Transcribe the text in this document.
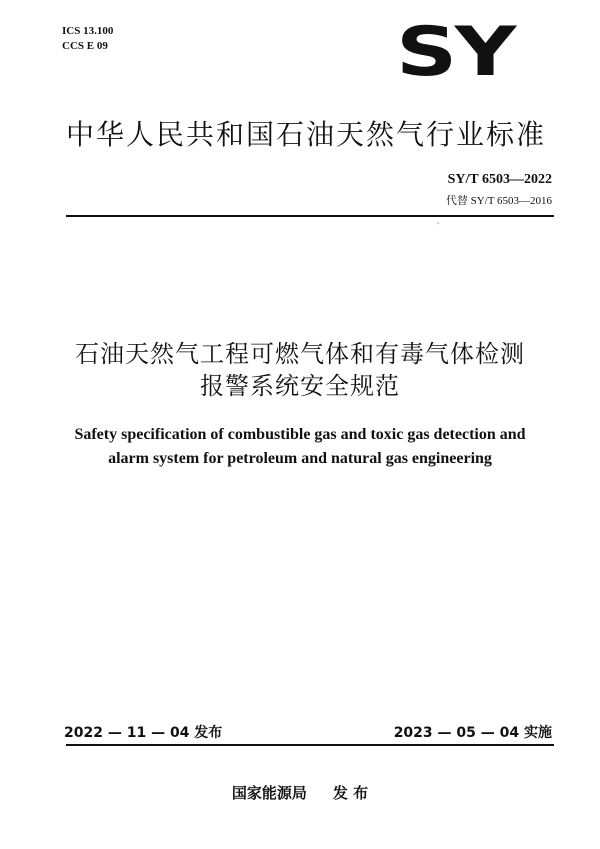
ICS 13.100
CCS E 09	SY
中华人民共和国石油天然气行业标准
SY/T 6503—2022
代替 SY/T 6503—2016
'
石油天然气工程可燃气体和有毒气体检测
报警系统安全规范
Safety specification of combustible gas and toxic gas detection and
alarm system for petroleum and natural gas engineering
2022 — 11 — 04 发布	2023 — 05 — 04 实施
国家能源局 发 布
